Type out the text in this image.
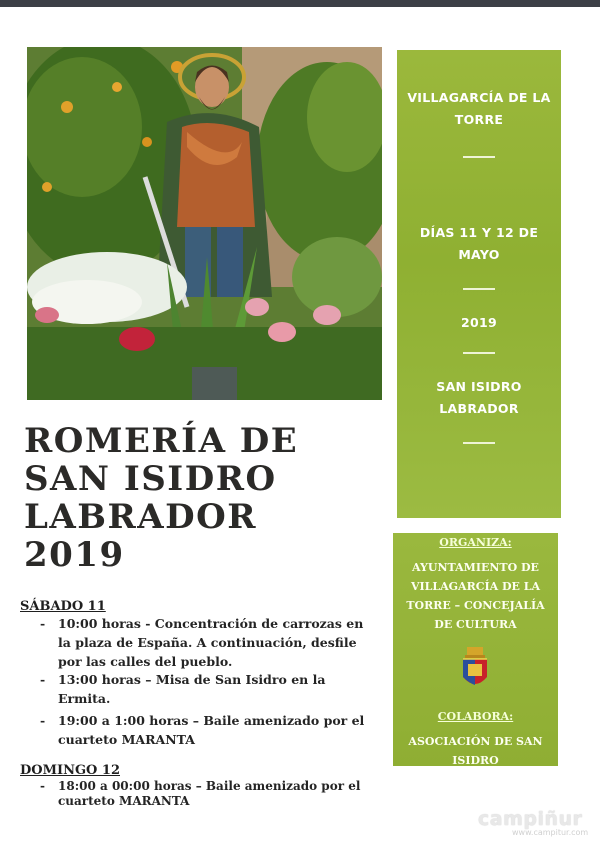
VILLAGARCÍA DE LA TORRE
DÍAS 11 Y 12 DE MAYO
2019
SAN ISIDRO LABRADOR
ORGANIZA:
AYUNTAMIENTO DE VILLAGARCÍA DE LA TORRE – CONCEJALÍA DE CULTURA
COLABORA:
ASOCIACIÓN DE SAN ISIDRO
ROMERÍA DE
SAN ISIDRO
LABRADOR
2019
SÁBADO 11
- 10:00 horas - Concentración de carrozas en la plaza de España. A continuación, desfile por las calles del pueblo.
- 13:00 horas – Misa de San Isidro en la Ermita.
- 19:00 a 1:00 horas – Baile amenizado por el cuarteto MARANTA
DOMINGO 12
- 18:00 a 00:00 horas – Baile amenizado por el cuarteto MARANTA
campiñur
www.campitur.com
